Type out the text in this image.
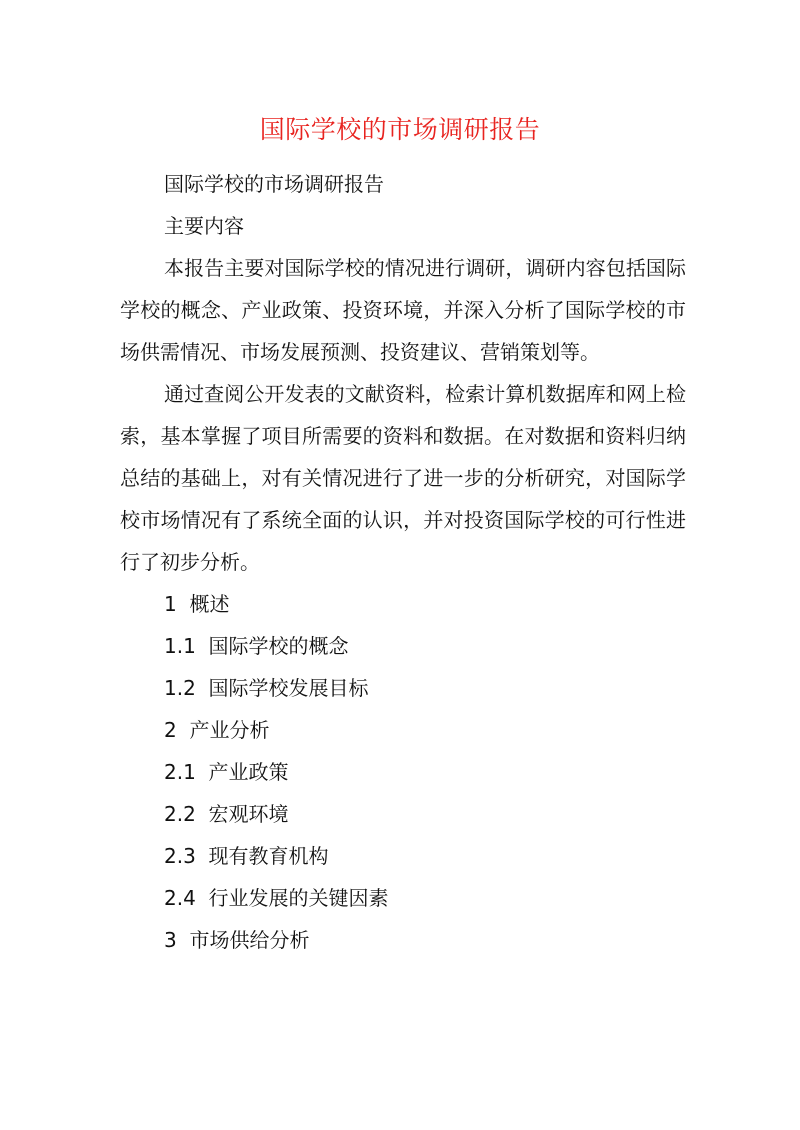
国际学校的市场调研报告

国际学校的市场调研报告

主要内容

本报告主要对国际学校的情况进行调研，调研内容包括国际学校的概念、产业政策、投资环境，并深入分析了国际学校的市场供需情况、市场发展预测、投资建议、营销策划等。

通过查阅公开发表的文献资料，检索计算机数据库和网上检索，基本掌握了项目所需要的资料和数据。在对数据和资料归纳总结的基础上，对有关情况进行了进一步的分析研究，对国际学校市场情况有了系统全面的认识，并对投资国际学校的可行性进行了初步分析。

1  概述

1.1  国际学校的概念

1.2  国际学校发展目标

2  产业分析

2.1  产业政策

2.2  宏观环境

2.3  现有教育机构

2.4  行业发展的关键因素

3  市场供给分析
